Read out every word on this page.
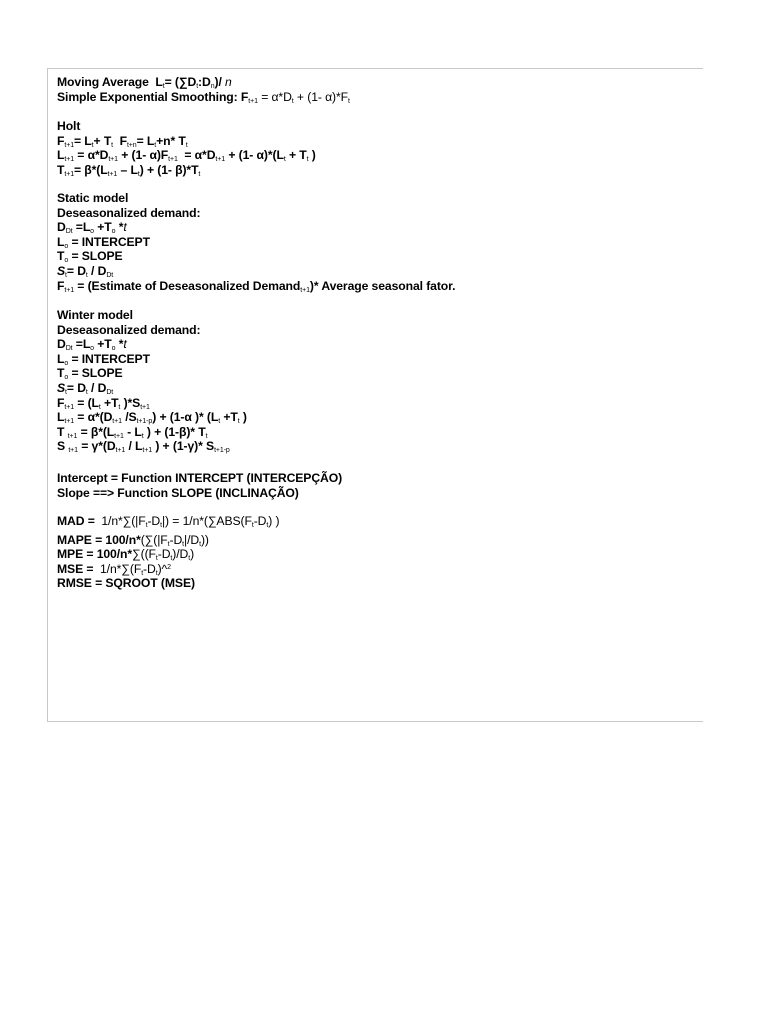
Moving Average  $L_t=$ $(\sum D_t:D_n)/$ n
Simple Exponential Smoothing: $F_{t+1} = \alpha*D_t + (1-$ $\alpha)*F_t$
Holt
$F_{t+1}= L_t+ T_t$  $F_{t+n}= L_t+n*$ $T_t$
$L_{t+1} = \alpha*D_{t+1} + (1-$ $\alpha)F_{t+1} = \alpha*D_{t+1} + (1-$ $\alpha)*(L_t + T_t$ )
$T_{t+1}= \beta*(L_{t+1} - L_t) + (1-$ $\beta)*T_t$
Static model
Deseasonalized demand:
$D_{Dt} =L_o +T_o$ *t
$L_o$ = INTERCEPT
$T_o$ = SLOPE
$S_t= D_t / D_{Dt}$
$F_{t+1}$ = (Estimate of Deseasonalized Demand$_{t+1}$)* Average seasonal fator.
Winter model
Deseasonalized demand:
$D_{Dt} =L_o +T_o$ *t
$L_o$ = INTERCEPT
$T_o$ = SLOPE
$S_t= D_t / D_{Dt}$
$F_{t+1} = (L_t +T_t$ )$*S_{t+1}$
$L_{t+1} = \alpha*(D_{t+1}$ $/S_{t+1-p}) + (1-\alpha$ )* ($L_t +T_t$ )
T $_{t+1} = \beta*(L_{t+1} - L_t$ ) + (1-β)* $T_t$
S $_{t+1} = \gamma*(D_{t+1} / L_{t+1}$ ) + (1-γ)* $S_{t+1-p}$
Intercept = Function INTERCEPT (INTERCEPÇÃO)
Slope ==> Function SLOPE (INCLINAÇÃO)
MAD =  $1/n*\sum(|F_t-D_t|) = 1/n*(\sum ABS(F_t-D_t)$ )
MAPE = $100/n*(\sum(|F_t-D_t|/D_t))$
MPE = $100/n*\sum((F_t-D_t)/D_t)$
MSE =  $1/n*\sum(F_t-D_t)\^{}^2$
RMSE = SQROOT (MSE)
